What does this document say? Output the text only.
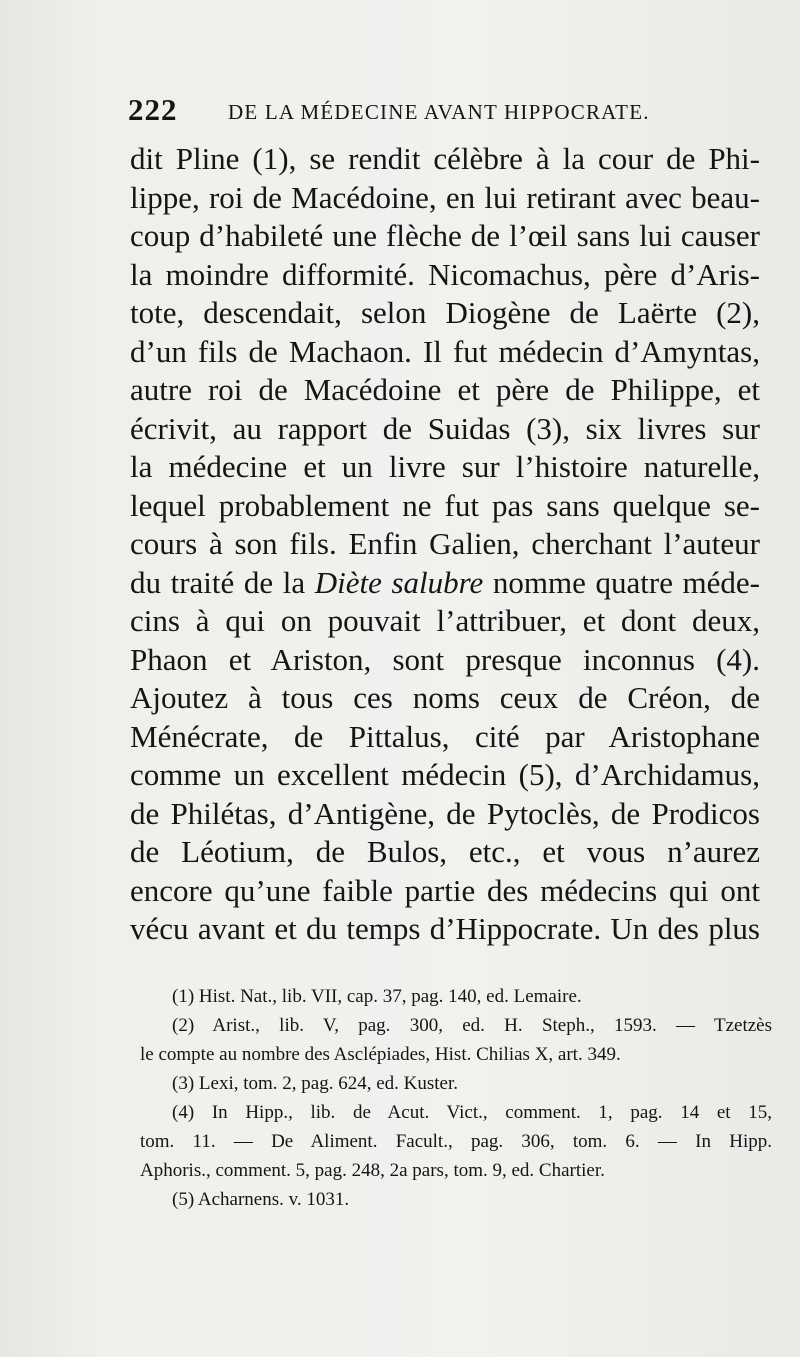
222 DE LA MÉDECINE AVANT HIPPOCRATE.
dit Pline (1), se rendit célèbre à la cour de Phi-
lippe, roi de Macédoine, en lui retirant avec beau-
coup d’habileté une flèche de l’œil sans lui causer
la moindre difformité. Nicomachus, père d’Aris-
tote, descendait, selon Diogène de Laërte (2),
d’un fils de Machaon. Il fut médecin d’Amyntas,
autre roi de Macédoine et père de Philippe, et
écrivit, au rapport de Suidas (3), six livres sur
la médecine et un livre sur l’histoire naturelle,
lequel probablement ne fut pas sans quelque se-
cours à son fils. Enfin Galien, cherchant l’auteur
du traité de la Diète salubre nomme quatre méde-
cins à qui on pouvait l’attribuer, et dont deux,
Phaon et Ariston, sont presque inconnus (4).
Ajoutez à tous ces noms ceux de Créon, de
Ménécrate, de Pittalus, cité par Aristophane
comme un excellent médecin (5), d’Archidamus,
de Philétas, d’Antigène, de Pytoclès, de Prodicos
de Léotium, de Bulos, etc., et vous n’aurez
encore qu’une faible partie des médecins qui ont
vécu avant et du temps d’Hippocrate. Un des plus
(1) Hist. Nat., lib. VII, cap. 37, pag. 140, ed. Lemaire.
(2) Arist., lib. V, pag. 300, ed. H. Steph., 1593. — Tzetzès
le compte au nombre des Asclépiades, Hist. Chilias X, art. 349.
(3) Lexi, tom. 2, pag. 624, ed. Kuster.
(4) In Hipp., lib. de Acut. Vict., comment. 1, pag. 14 et 15,
tom. 11. — De Aliment. Facult., pag. 306, tom. 6. — In Hipp.
Aphoris., comment. 5, pag. 248, 2a pars, tom. 9, ed. Chartier.
(5) Acharnens. v. 1031.
